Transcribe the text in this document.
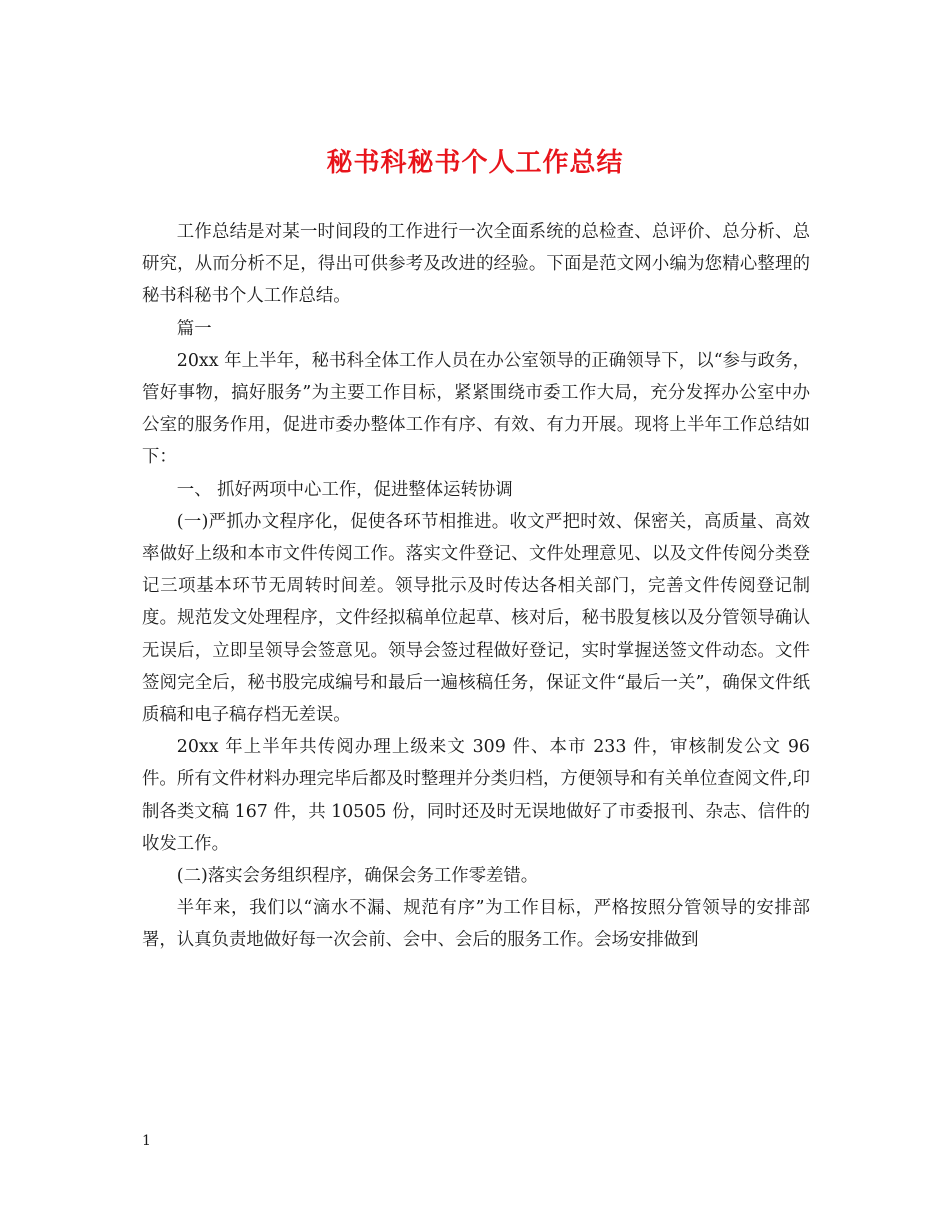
秘书科秘书个人工作总结

工作总结是对某一时间段的工作进行一次全面系统的总检查、总评价、总分析、总研究，从而分析不足，得出可供参考及改进的经验。下面是范文网小编为您精心整理的秘书科秘书个人工作总结。

篇一

20xx 年上半年，秘书科全体工作人员在办公室领导的正确领导下，以“参与政务，管好事物，搞好服务”为主要工作目标，紧紧围绕市委工作大局，充分发挥办公室中办公室的服务作用，促进市委办整体工作有序、有效、有力开展。现将上半年工作总结如下：

一、 抓好两项中心工作，促进整体运转协调

(一)严抓办文程序化，促使各环节相推进。收文严把时效、保密关，高质量、高效率做好上级和本市文件传阅工作。落实文件登记、文件处理意见、以及文件传阅分类登记三项基本环节无周转时间差。领导批示及时传达各相关部门，完善文件传阅登记制度。规范发文处理程序，文件经拟稿单位起草、核对后，秘书股复核以及分管领导确认无误后，立即呈领导会签意见。领导会签过程做好登记，实时掌握送签文件动态。文件签阅完全后，秘书股完成编号和最后一遍核稿任务，保证文件“最后一关”，确保文件纸质稿和电子稿存档无差误。

20xx 年上半年共传阅办理上级来文 309 件、本市 233 件，审核制发公文 96 件。所有文件材料办理完毕后都及时整理并分类归档，方便领导和有关单位查阅文件,印制各类文稿 167 件，共 10505 份，同时还及时无误地做好了市委报刊、杂志、信件的收发工作。

(二)落实会务组织程序，确保会务工作零差错。

半年来，我们以“滴水不漏、规范有序”为工作目标，严格按照分管领导的安排部署，认真负责地做好每一次会前、会中、会后的服务工作。会场安排做到

1
